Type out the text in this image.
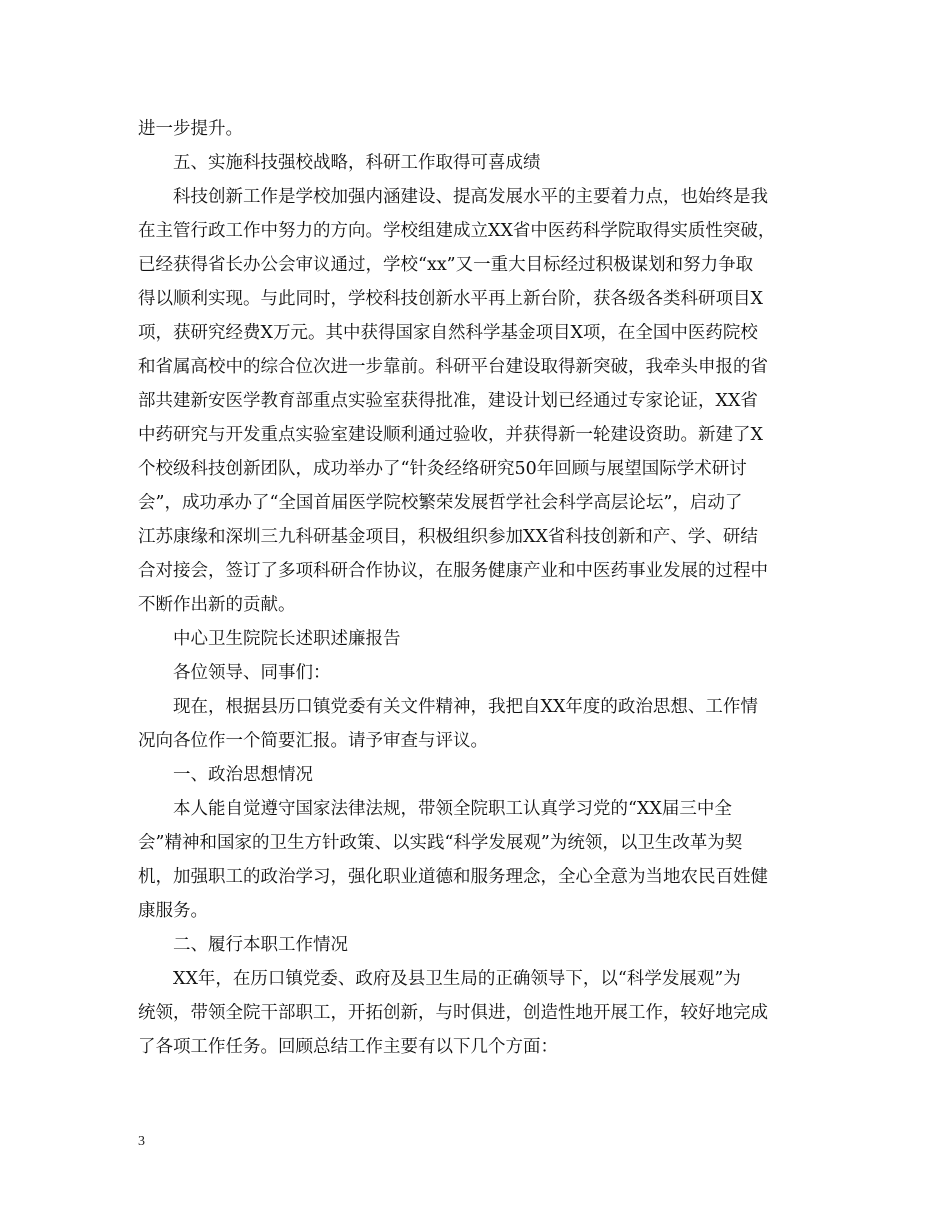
进一步提升。
五、实施科技强校战略，科研工作取得可喜成绩
科技创新工作是学校加强内涵建设、提高发展水平的主要着力点，也始终是我
在主管行政工作中努力的方向。学校组建成立XX省中医药科学院取得实质性突破，
已经获得省长办公会审议通过，学校“xx”又一重大目标经过积极谋划和努力争取
得以顺利实现。与此同时，学校科技创新水平再上新台阶，获各级各类科研项目X
项，获研究经费X万元。其中获得国家自然科学基金项目X项，在全国中医药院校
和省属高校中的综合位次进一步靠前。科研平台建设取得新突破，我牵头申报的省
部共建新安医学教育部重点实验室获得批准，建设计划已经通过专家论证，XX省
中药研究与开发重点实验室建设顺利通过验收，并获得新一轮建设资助。新建了X
个校级科技创新团队，成功举办了“针灸经络研究50年回顾与展望国际学术研讨
会”，成功承办了“全国首届医学院校繁荣发展哲学社会科学高层论坛”，启动了
江苏康缘和深圳三九科研基金项目，积极组织参加XX省科技创新和产、学、研结
合对接会，签订了多项科研合作协议，在服务健康产业和中医药事业发展的过程中
不断作出新的贡献。
中心卫生院院长述职述廉报告
各位领导、同事们：
现在，根据县历口镇党委有关文件精神，我把自XX年度的政治思想、工作情
况向各位作一个简要汇报。请予审查与评议。
一、政治思想情况
本人能自觉遵守国家法律法规，带领全院职工认真学习党的“XX届三中全
会”精神和国家的卫生方针政策、以实践“科学发展观”为统领，以卫生改革为契
机，加强职工的政治学习，强化职业道德和服务理念，全心全意为当地农民百姓健
康服务。
二、履行本职工作情况
XX年，在历口镇党委、政府及县卫生局的正确领导下，以“科学发展观”为
统领，带领全院干部职工，开拓创新，与时俱进，创造性地开展工作，较好地完成
了各项工作任务。回顾总结工作主要有以下几个方面：
3
